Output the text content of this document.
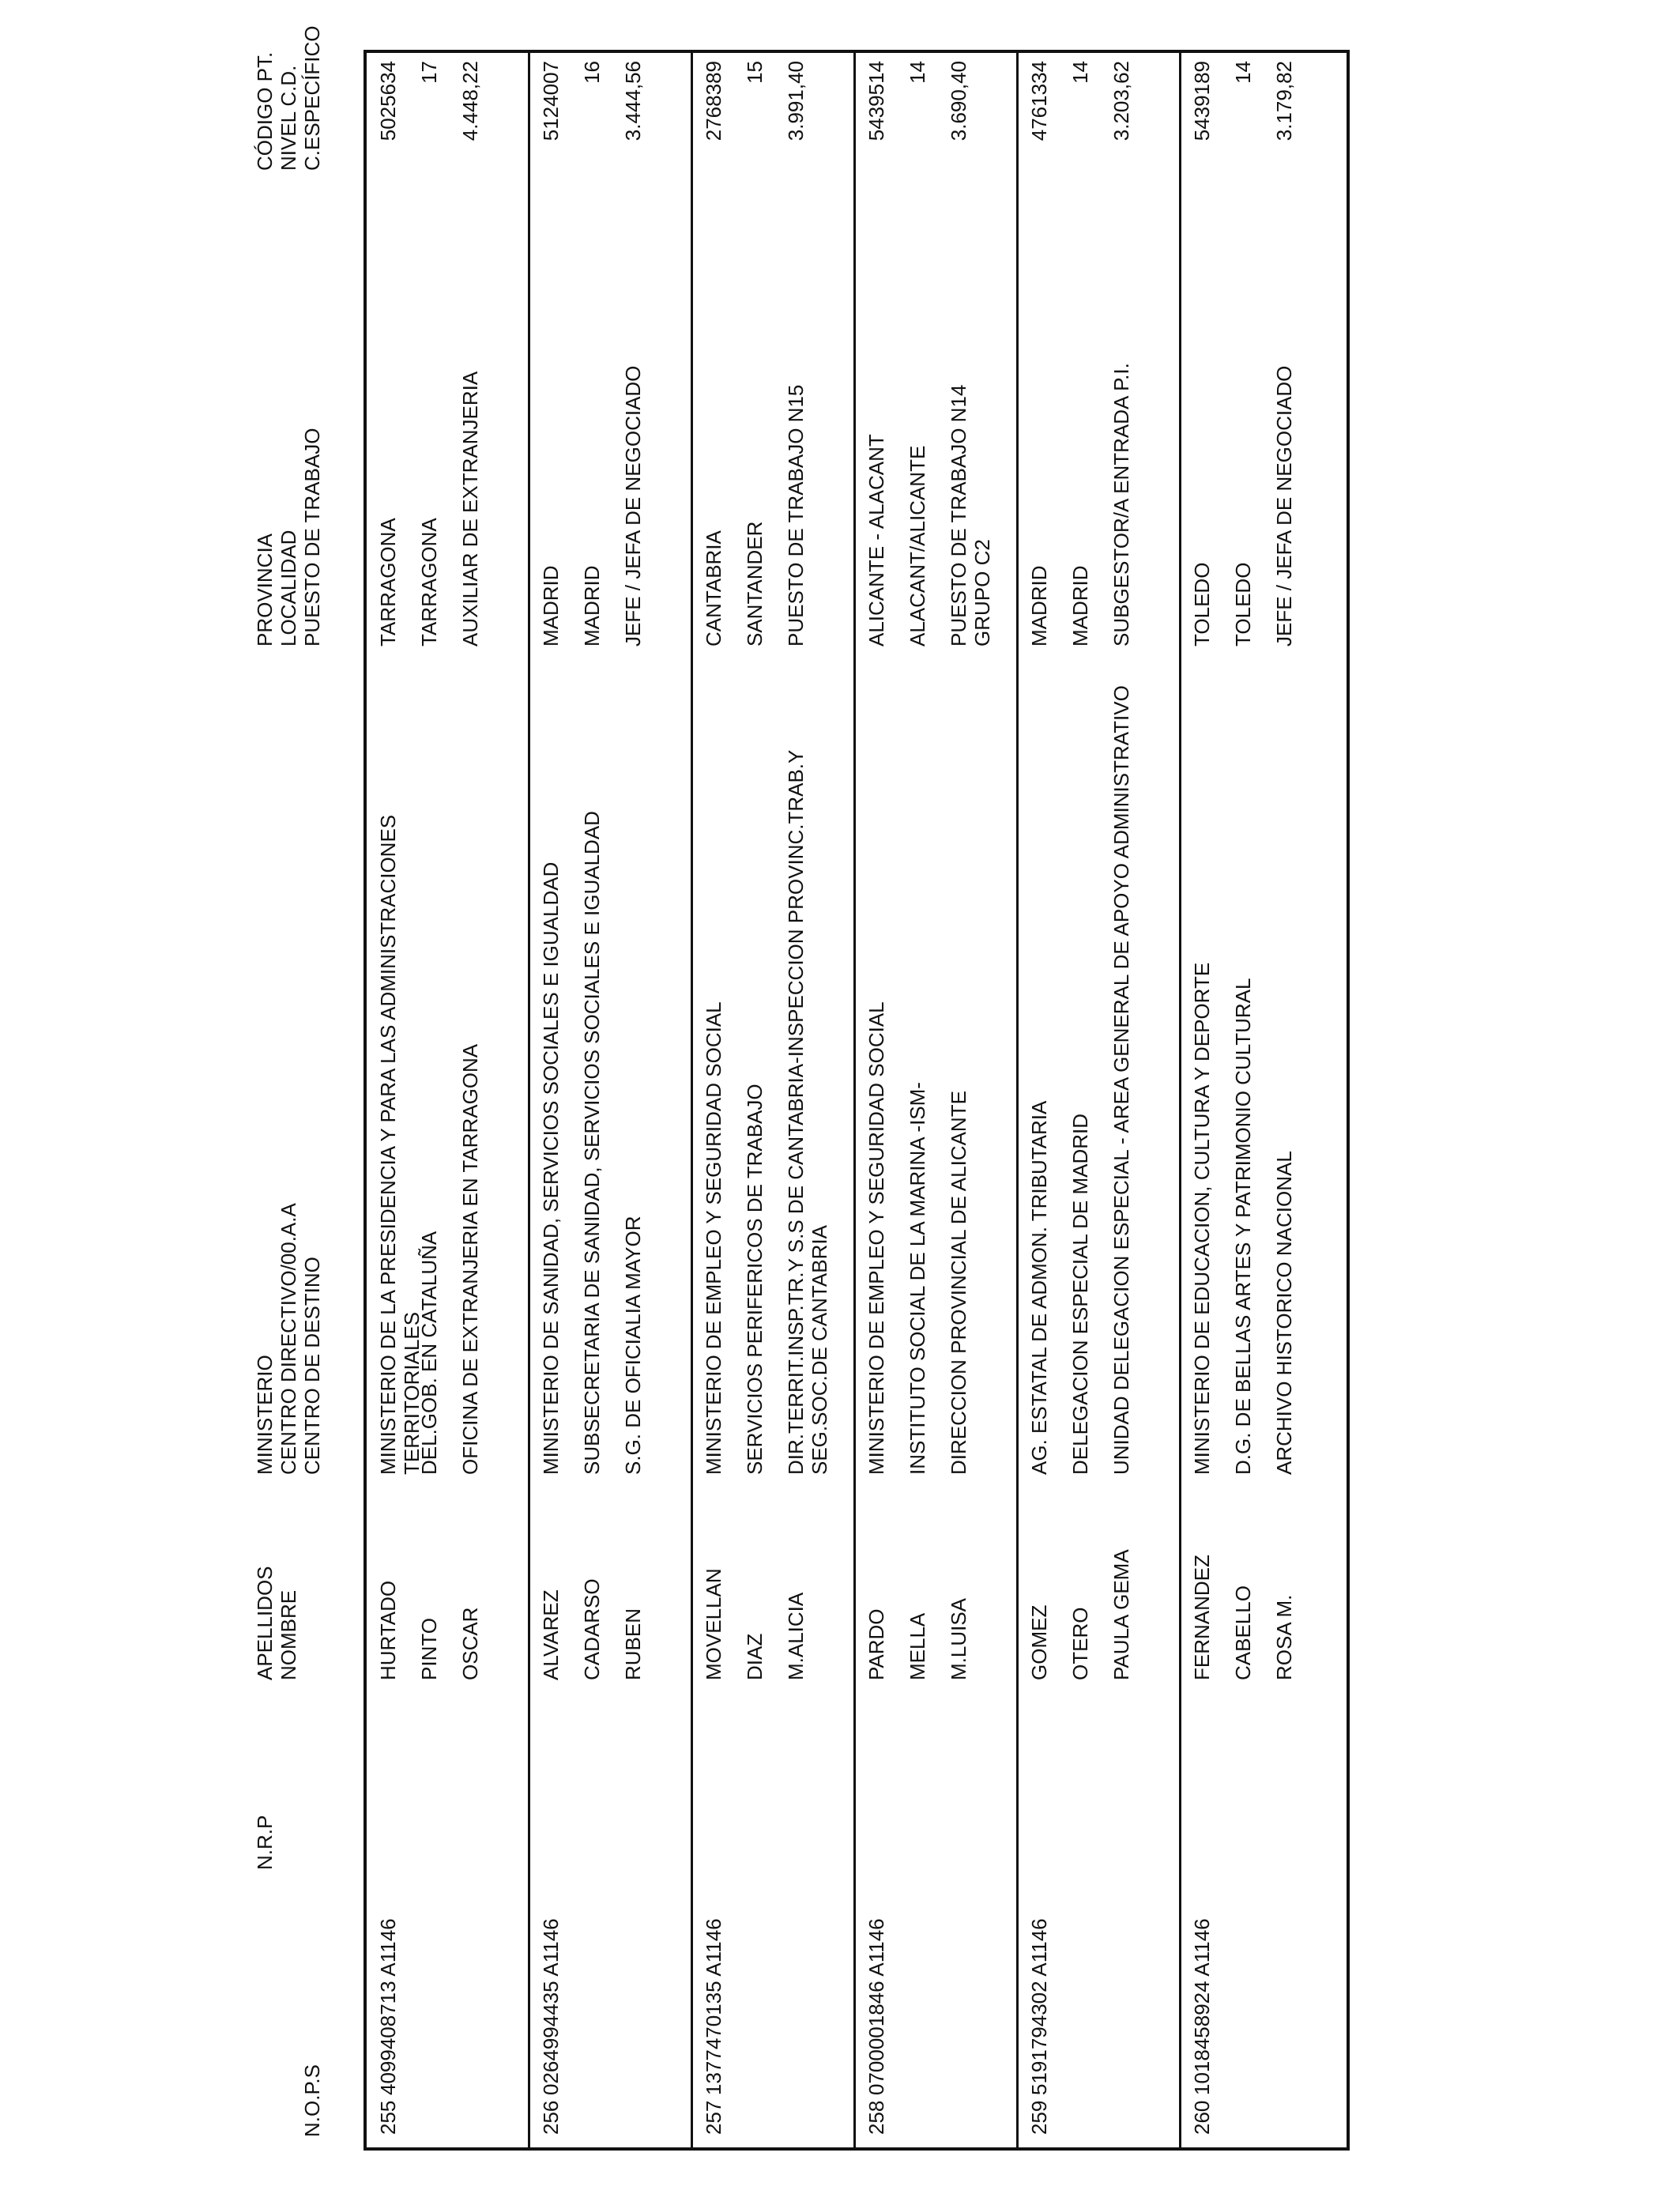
N.O.P.S
N.R.P
APELLIDOS NOMBRE
MINISTERIO CENTRO DIRECTIVO/00.A.A CENTRO DE DESTINO
PROVINCIA LOCALIDAD PUESTO DE TRABAJO
CÓDIGO PT. NIVEL C.D. C.ESPECÍFICO
255
4099408713 A1146
HURTADO PINTO OSCAR
MINISTERIO DE LA PRESIDENCIA Y PARA LAS ADMINISTRACIONES TERRITORIALES
DEL.GOB. EN CATALUÑA OFICINA DE EXTRANJERIA EN TARRAGONA
TARRAGONA TARRAGONA AUXILIAR DE EXTRANJERIA
5025634 17 4.448,22
256
0264994435 A1146
ALVAREZ CADARSO RUBEN
MINISTERIO DE SANIDAD, SERVICIOS SOCIALES E IGUALDAD SUBSECRETARIA DE SANIDAD, SERVICIOS SOCIALES E IGUALDAD S.G. DE OFICIALIA MAYOR
MADRID MADRID JEFE / JEFA DE NEGOCIADO
5124007 16 3.444,56
257
1377470135 A1146
MOVELLAN DIAZ M.ALICIA
MINISTERIO DE EMPLEO Y SEGURIDAD SOCIAL SERVICIOS PERIFERICOS DE TRABAJO DIR.TERRIT.INSP.TR.Y S.S DE CANTABRIA-INSPECCION PROVINC.TRAB.Y SEG.SOC.DE CANTABRIA
CANTABRIA SANTANDER PUESTO DE TRABAJO N15
2768389 15 3.991,40
258
0700001846 A1146
PARDO MELLA M.LUISA
MINISTERIO DE EMPLEO Y SEGURIDAD SOCIAL INSTITUTO SOCIAL DE LA MARINA -ISM- DIRECCION PROVINCIAL DE ALICANTE
ALICANTE - ALACANT ALACANT/ALICANTE PUESTO DE TRABAJO N14 GRUPO C2
5439514 14 3.690,40
259
5191794302 A1146
GOMEZ OTERO PAULA GEMA
AG. ESTATAL DE ADMON. TRIBUTARIA DELEGACION ESPECIAL DE MADRID UNIDAD DELEGACION ESPECIAL - AREA GENERAL DE APOYO ADMINISTRATIVO
MADRID MADRID SUBGESTOR/A ENTRADA P.I.
4761334 14 3.203,62
260
1018458924 A1146
FERNANDEZ CABELLO ROSA M.
MINISTERIO DE EDUCACION, CULTURA Y DEPORTE D.G. DE BELLAS ARTES Y PATRIMONIO CULTURAL ARCHIVO HISTORICO NACIONAL
TOLEDO TOLEDO JEFE / JEFA DE NEGOCIADO
5439189 14 3.179,82
